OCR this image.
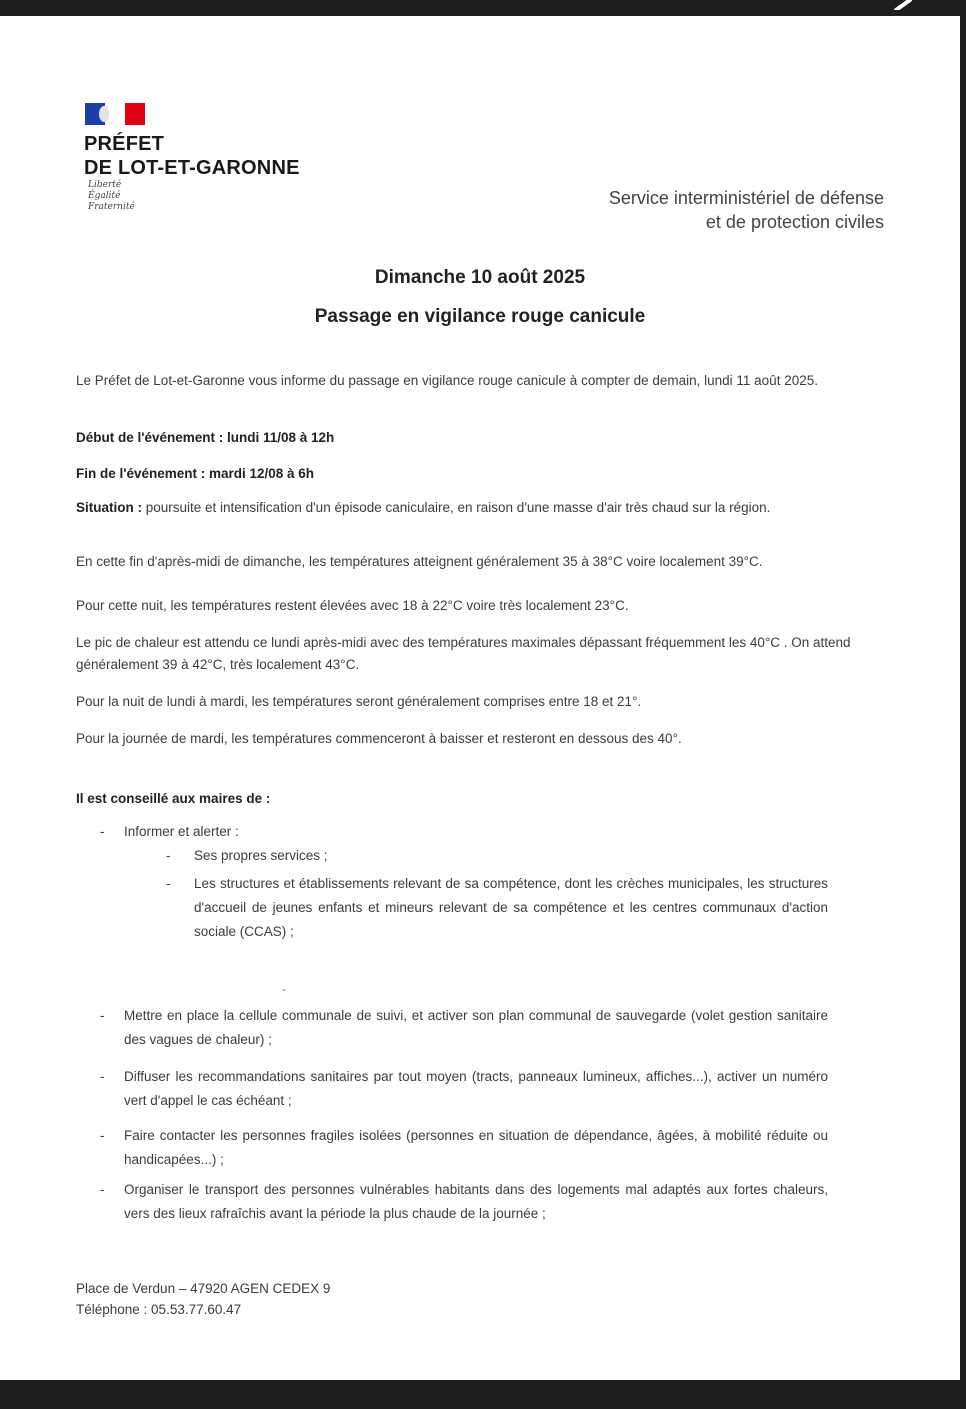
PRÉFET
DE LOT-ET-GARONNE
Liberté
Égalité
Fraternité	Service interministériel de défense
et de protection civiles
Dimanche 10 août 2025
Passage en vigilance rouge canicule
Le Préfet de Lot-et-Garonne vous informe du passage en vigilance rouge canicule à compter de demain, lundi 11 août 2025.
Début de l'événement : lundi 11/08 à 12h
Fin de l'événement : mardi 12/08 à 6h
Situation : poursuite et intensification d'un épisode caniculaire, en raison d'une masse d'air très chaud sur la région.
En cette fin d'après-midi de dimanche, les températures atteignent généralement 35 à 38°C voire localement 39°C.
Pour cette nuit, les températures restent élevées avec 18 à 22°C voire très localement 23°C.
Le pic de chaleur est attendu ce lundi après-midi avec des températures maximales dépassant fréquemment les 40°C . On attend généralement 39 à 42°C, très localement 43°C.
Pour la nuit de lundi à mardi, les températures seront généralement comprises entre 18 et 21°.
Pour la journée de mardi, les températures commenceront à baisser et resteront en dessous des 40°.
Il est conseillé aux maires de :
-	Informer et alerter :
-	Ses propres services ;
-	Les structures et établissements relevant de sa compétence, dont les crèches municipales, les structures d'accueil de jeunes enfants et mineurs relevant de sa compétence et les centres communaux d'action sociale (CCAS) ;
-
-	Mettre en place la cellule communale de suivi, et activer son plan communal de sauvegarde (volet gestion sanitaire des vagues de chaleur) ;
-	Diffuser les recommandations sanitaires par tout moyen (tracts, panneaux lumineux, affiches...), activer un numéro vert d'appel le cas échéant ;
-	Faire contacter les personnes fragiles isolées (personnes en situation de dépendance, âgées, à mobilité réduite ou handicapées...) ;
-	Organiser le transport des personnes vulnérables habitants dans des logements mal adaptés aux fortes chaleurs, vers des lieux rafraîchis avant la période la plus chaude de la journée ;
Place de Verdun – 47920 AGEN CEDEX 9
Téléphone : 05.53.77.60.47
